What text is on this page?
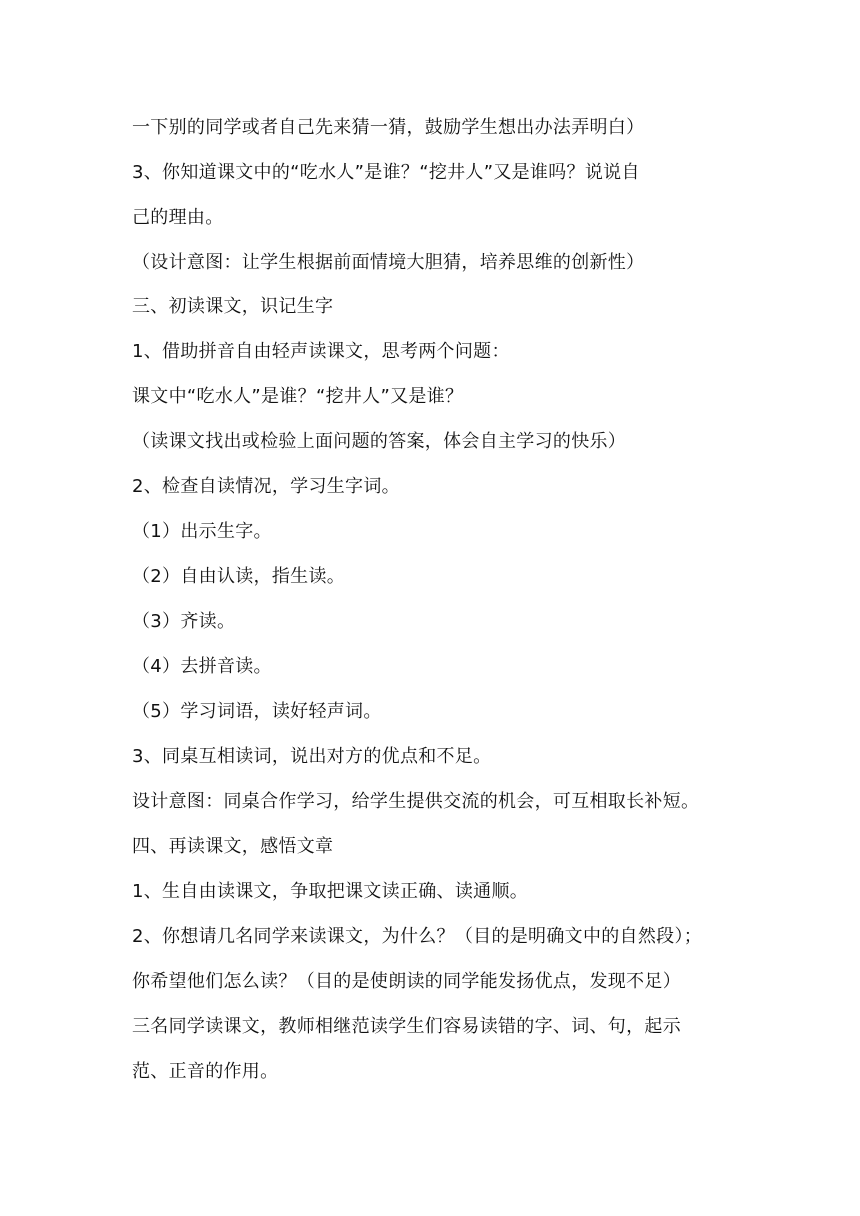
一下别的同学或者自己先来猜一猜，鼓励学生想出办法弄明白）
3、你知道课文中的“吃水人”是谁？“挖井人”又是谁吗？说说自
己的理由。
（设计意图：让学生根据前面情境大胆猜，培养思维的创新性）
三、初读课文，识记生字
1、借助拼音自由轻声读课文，思考两个问题：
课文中“吃水人”是谁？“挖井人”又是谁？
（读课文找出或检验上面问题的答案，体会自主学习的快乐）
2、检查自读情况，学习生字词。
（1）出示生字。
（2）自由认读，指生读。
（3）齐读。
（4）去拼音读。
（5）学习词语，读好轻声词。
3、同桌互相读词，说出对方的优点和不足。
设计意图：同桌合作学习，给学生提供交流的机会，可互相取长补短。
四、再读课文，感悟文章
1、生自由读课文，争取把课文读正确、读通顺。
2、你想请几名同学来读课文，为什么？（目的是明确文中的自然段）；
你希望他们怎么读？（目的是使朗读的同学能发扬优点，发现不足）
三名同学读课文，教师相继范读学生们容易读错的字、词、句，起示
范、正音的作用。
